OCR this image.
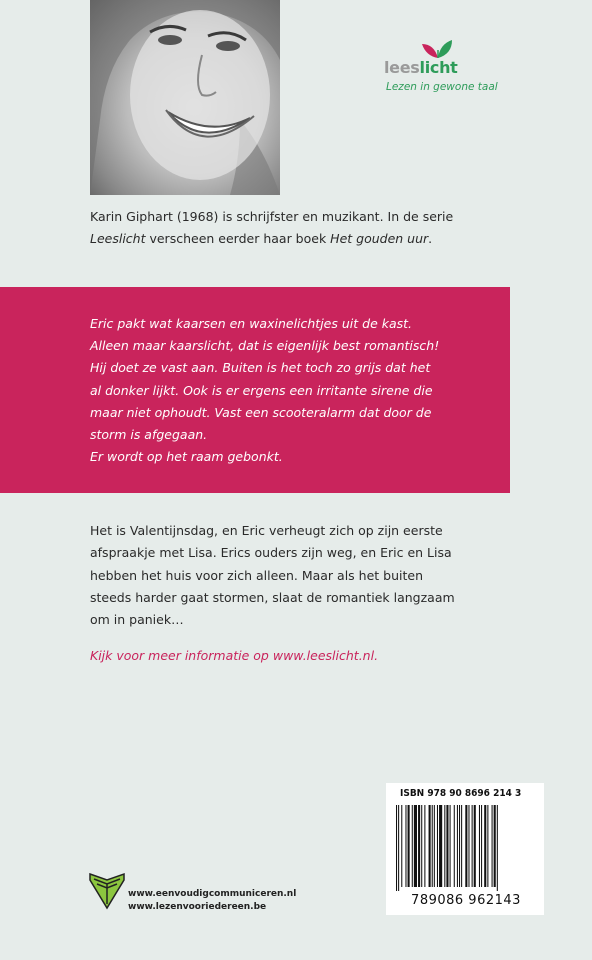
leeslicht
Lezen in gewone taal
Karin Giphart (1968) is schrijfster en muzikant. In de serie
Leeslicht verscheen eerder haar boek Het gouden uur.
Eric pakt wat kaarsen en waxinelichtjes uit de kast.
Alleen maar kaarslicht, dat is eigenlijk best romantisch!
Hij doet ze vast aan. Buiten is het toch zo grijs dat het
al donker lijkt. Ook is er ergens een irritante sirene die
maar niet ophoudt. Vast een scooteralarm dat door de
storm is afgegaan.
Er wordt op het raam gebonkt.
Het is Valentijnsdag, en Eric verheugt zich op zijn eerste
afspraakje met Lisa. Erics ouders zijn weg, en Eric en Lisa
hebben het huis voor zich alleen. Maar als het buiten
steeds harder gaat stormen, slaat de romantiek langzaam
om in paniek…
Kijk voor meer informatie op www.leeslicht.nl.
ISBN 978 90 8696 214 3
789086 962143
www.eenvoudigcommuniceren.nl
www.lezenvooriedereen.be
